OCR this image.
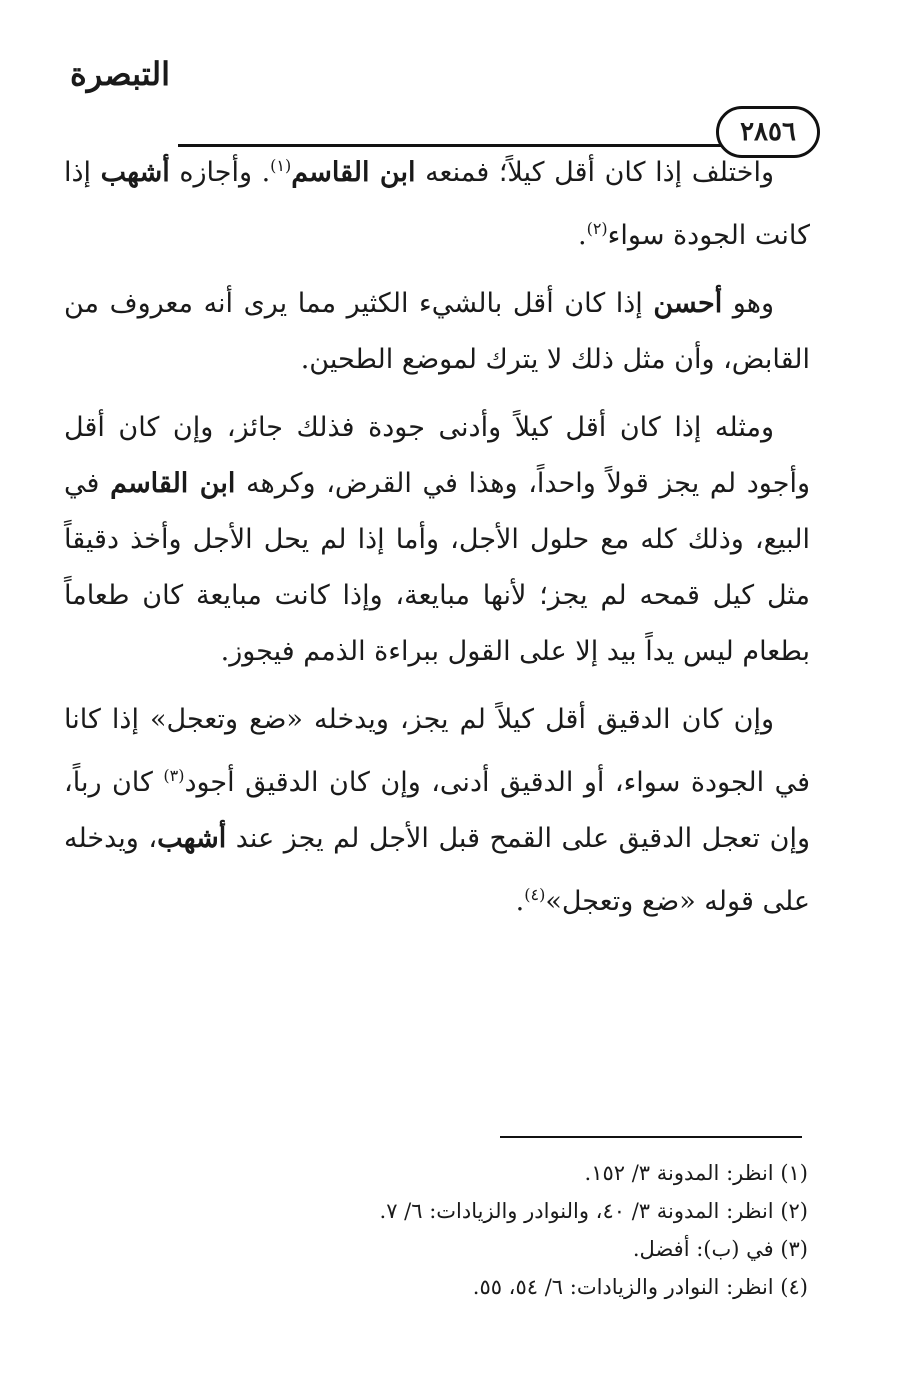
التبصرة
٢٨٥٦

واختلف إذا كان أقل كيلاً؛ فمنعه ابن القاسم$^{(١)}$. وأجازه أشهب إذا كانت الجودة سواء$^{(٢)}$.

وهو أحسن إذا كان أقل بالشيء الكثير مما يرى أنه معروف من القابض، وأن مثل ذلك لا يترك لموضع الطحين.

ومثله إذا كان أقل كيلاً وأدنى جودة فذلك جائز، وإن كان أقل وأجود لم يجز قولاً واحداً، وهذا في القرض، وكرهه ابن القاسم في البيع، وذلك كله مع حلول الأجل، وأما إذا لم يحل الأجل وأخذ دقيقاً مثل كيل قمحه لم يجز؛ لأنها مبايعة، وإذا كانت مبايعة كان طعاماً بطعام ليس يداً بيد إلا على القول ببراءة الذمم فيجوز.

وإن كان الدقيق أقل كيلاً لم يجز، ويدخله «ضع وتعجل» إذا كانا في الجودة سواء، أو الدقيق أدنى، وإن كان الدقيق أجود$^{(٣)}$ كان رباً، وإن تعجل الدقيق على القمح قبل الأجل لم يجز عند أشهب، ويدخله على قوله «ضع وتعجل»$^{(٤)}$.

(١) انظر: المدونة ٣/ ١٥٢.
(٢) انظر: المدونة ٣/ ٤٠، والنوادر والزيادات: ٦/ ٧.
(٣) في (ب): أفضل.
(٤) انظر: النوادر والزيادات: ٦/ ٥٤، ٥٥.
